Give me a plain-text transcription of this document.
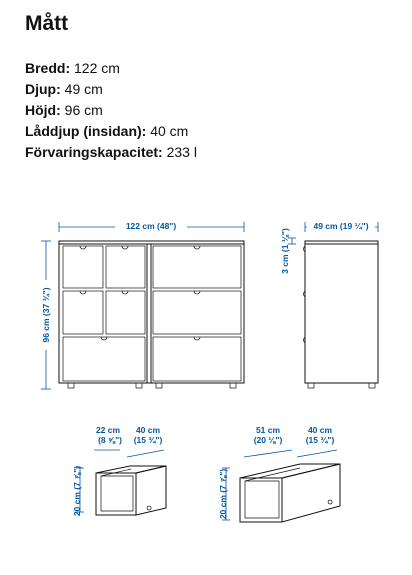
Mått
Bredd: 122 cm
Djup: 49 cm
Höjd: 96 cm
Låddjup (insidan): 40 cm
Förvaringskapacitet: 233 l
122 cm (48")
96 cm (37 ¾")
49 cm (19 ¼")
3 cm (1 ⅛")
22 cm
(8 ⅝")
40 cm
(15 ¾")
20 cm (7 ⅞")
51 cm
(20 ⅛")
40 cm
(15 ¾")
20 cm (7 ⅞")
